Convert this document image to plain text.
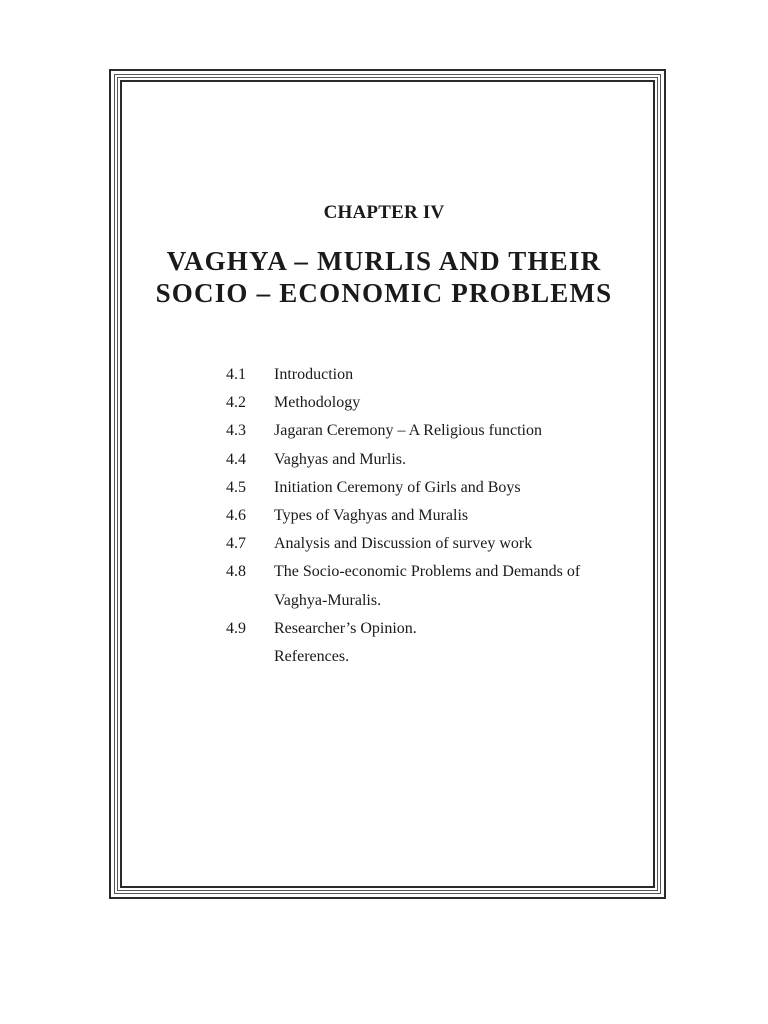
CHAPTER IV
VAGHYA – MURLIS AND THEIR
SOCIO – ECONOMIC PROBLEMS
4.1 Introduction
4.2 Methodology
4.3 Jagaran Ceremony – A Religious function
4.4 Vaghyas and Murlis.
4.5 Initiation Ceremony of Girls and Boys
4.6 Types of Vaghyas and Muralis
4.7 Analysis and Discussion of survey work
4.8 The Socio-economic Problems and Demands of
Vaghya-Muralis.
4.9 Researcher’s Opinion.
References.
